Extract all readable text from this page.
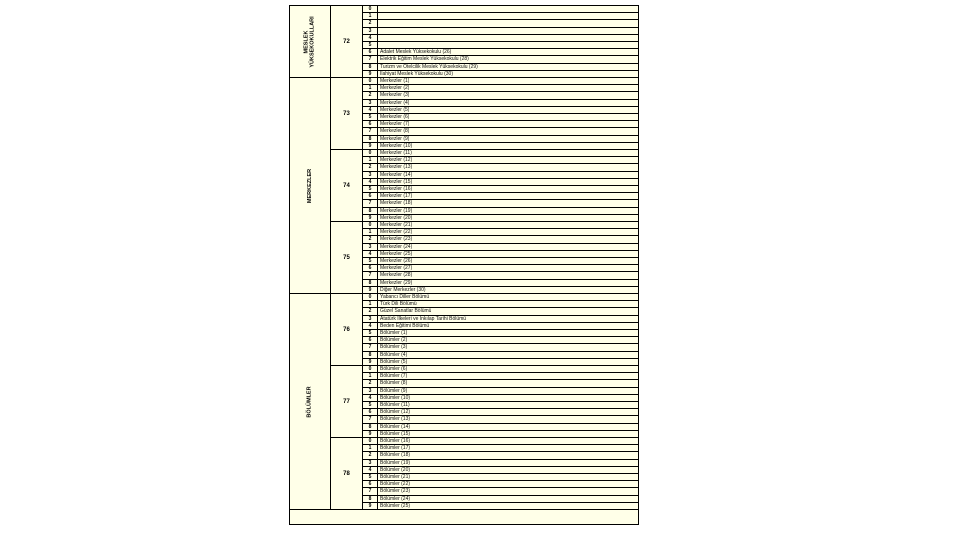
MESLEK
YÜKSEKOKULLARI	72
0
1
2
3
4
5
6	Adalet Meslek Yüksekokulu (26)
7	Elektrik Eğitim Meslek Yüksekokulu (28)
8	Turizm ve Otelcilik Meslek Yüksekokulu (29)
9	İlahiyat Meslek Yüksekokulu (30)
MERKEZLER
73
0	Merkezler (1)
1	Merkezler (2)
2	Merkezler (3)
3	Merkezler (4)
4	Merkezler (5)
5	Merkezler (6)
6	Merkezler (7)
7	Merkezler (8)
8	Merkezler (9)
9	Merkezler (10)
74
0	Merkezler (11)
1	Merkezler (12)
2	Merkezler (13)
3	Merkezler (14)
4	Merkezler (15)
5	Merkezler (16)
6	Merkezler (17)
7	Merkezler (18)
8	Merkezler (19)
9	Merkezler (20)
75
0	Merkezler (21)
1	Merkezler (22)
2	Merkezler (23)
3	Merkezler (24)
4	Merkezler (25)
5	Merkezler (26)
6	Merkezler (27)
7	Merkezler (28)
8	Merkezler (29)
9	Diğer Merkezler (30)
BÖLÜMLER
76
0	Yabancı Diller Bölümü
1	Türk Dili Bölümü
2	Güzel Sanatlar Bölümü
3	Atatürk İlkeleri ve İnkılap Tarihi Bölümü
4	Beden Eğitimi Bölümü
5	Bölümler (1)
6	Bölümler (2)
7	Bölümler (3)
8	Bölümler (4)
9	Bölümler (5)
77
0	Bölümler (6)
1	Bölümler (7)
2	Bölümler (8)
3	Bölümler (9)
4	Bölümler (10)
5	Bölümler (11)
6	Bölümler (12)
7	Bölümler (13)
8	Bölümler (14)
9	Bölümler (15)
78
0	Bölümler (16)
1	Bölümler (17)
2	Bölümler (18)
3	Bölümler (19)
4	Bölümler (20)
5	Bölümler (21)
6	Bölümler (22)
7	Bölümler (23)
8	Bölümler (24)
9	Bölümler (25)
